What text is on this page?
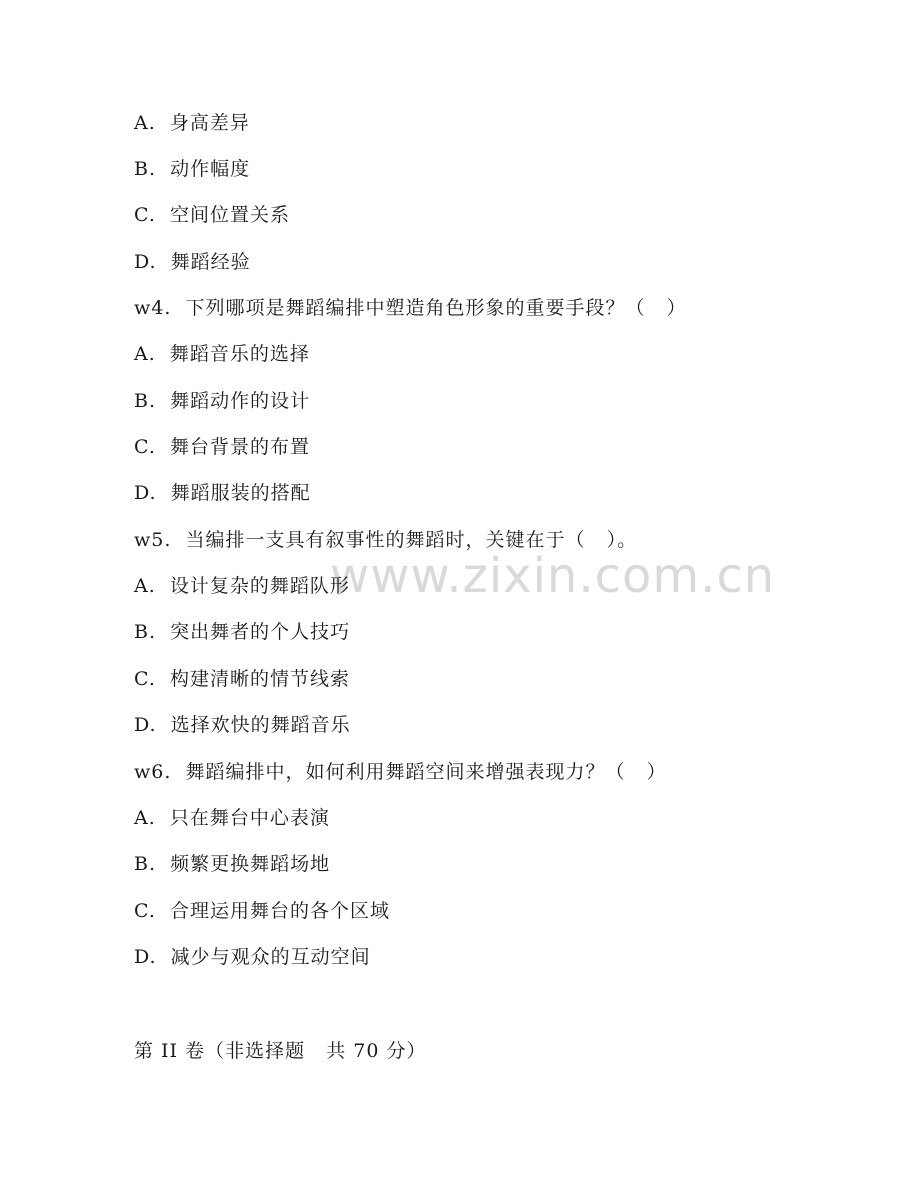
www.zixin.com.cn
A.  身高差异
B.  动作幅度
C.  空间位置关系
D.  舞蹈经验
w4.  下列哪项是舞蹈编排中塑造角色形象的重要手段？（   ）
A.  舞蹈音乐的选择
B.  舞蹈动作的设计
C.  舞台背景的布置
D.  舞蹈服装的搭配
w5.  当编排一支具有叙事性的舞蹈时，关键在于（   ）。
A.  设计复杂的舞蹈队形
B.  突出舞者的个人技巧
C.  构建清晰的情节线索
D.  选择欢快的舞蹈音乐
w6.  舞蹈编排中，如何利用舞蹈空间来增强表现力？（   ）
A.  只在舞台中心表演
B.  频繁更换舞蹈场地
C.  合理运用舞台的各个区域
D.  减少与观众的互动空间
第 II 卷（非选择题   共 70 分）
